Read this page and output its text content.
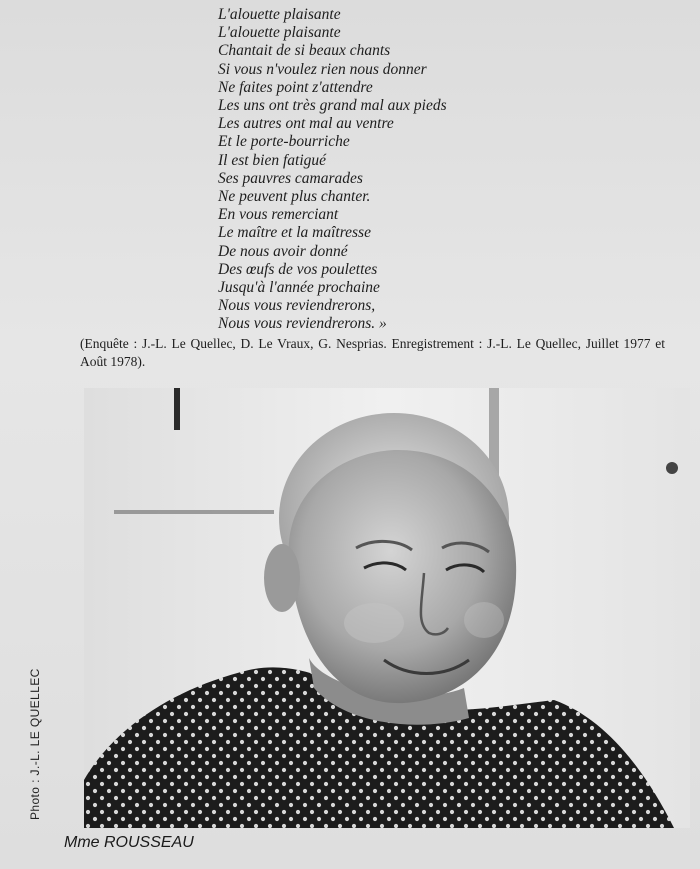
L'alouette plaisante
L'alouette plaisante
Chantait de si beaux chants
Si vous n'voulez rien nous donner
Ne faites point z'attendre
Les uns ont très grand mal aux pieds
Les autres ont mal au ventre
Et le porte-bourriche
Il est bien fatigué
Ses pauvres camarades
Ne peuvent plus chanter.
En vous remerciant
Le maître et la maîtresse
De nous avoir donné
Des œufs de vos poulettes
Jusqu'à l'année prochaine
Nous vous reviendrerons,
Nous vous reviendrerons. »
(Enquête : J.-L. Le Quellec, D. Le Vraux, G. Nesprias. Enregistrement : J.-L. Le Quellec, Juillet 1977 et Août 1978).
Photo : J.-L. LE QUELLEC
Mme ROUSSEAU
